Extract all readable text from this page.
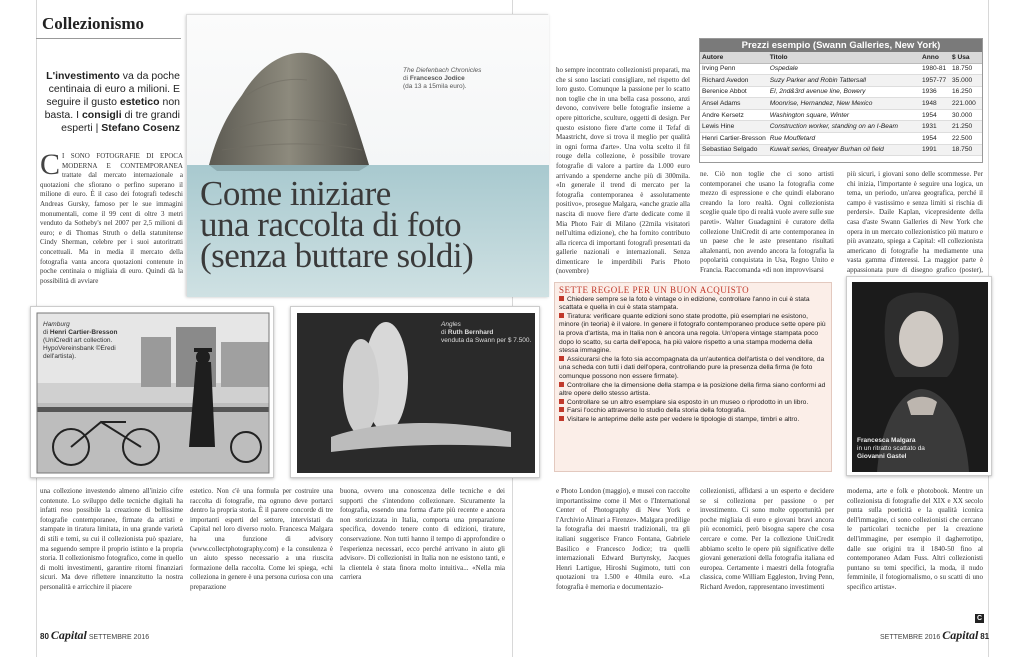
Collezionismo
L'investimento va da poche centinaia di euro a milioni. E seguire il gusto estetico non basta. I consigli di tre grandi esperti | Stefano Cosenz
C I SONO FOTOGRAFIE DI EPOCA MODERNA E CONTEMPORANEA trattate dal mercato internazionale a quotazioni che sfiorano o perfino superano il milione di euro. È il caso dei fotografi tedeschi Andreas Gursky, famoso per le sue immagini monumentali, come il 99 cent di oltre 3 metri venduto da Sotheby's nel 2007 per 2,5 milioni di euro; e di Thomas Struth o della statunitense Cindy Sherman, celebre per i suoi autoritratti concettuali. Ma in media il mercato della fotografia vanta ancora quotazioni contenute in poche centinaia o migliaia di euro. Quindi dà la possibilità di avviare
The Diefenbach Chronicles
di Francesco Jodice
(da 13 a 15mila euro).
Come iniziare
una raccolta di foto
(senza buttare soldi)
ho sempre incontrato collezionisti preparati, ma che si sono lasciati consigliare, nel rispetto del loro gusto. Comunque la passione per lo scatto non toglie che in una bella casa possono, anzi devono, convivere belle fotografie insieme a opere pittoriche, sculture, oggetti di design. Per questo esistono fiere d'arte come il Tefaf di Maastricht, dove si trova il meglio per qualità in ogni forma d'arte». Una volta scelto il fil rouge della collezione, è possibile trovare fotografie di valore a partire da 1.000 euro arrivando a spenderne anche più di 300mila. «In generale il trend di mercato per la fotografia contemporanea è assolutamente positivo», prosegue Malgara, «anche grazie alla nascita di nuove fiere d'arte dedicate come il Mia Photo Fair di Milano (22mila visitatori nell'ultima edizione), che ha fornito contributo alla ricerca di importanti fotografi presentati da gallerie nazionali e internazionali. Senza dimenticare le imperdibili Paris Photo (novembre)
Prezzi esempio (Swann Galleries, New York)
Autore	Titolo	Anno	$ Usa
Irving Penn	Ospedale	1980-81	18.750
Richard Avedon	Suzy Parker and Robin Tattersall	1957-77	35.000
Berenice Abbot	El, 2nd&3rd avenue line, Bowery	1936	16.250
Ansel Adams	Moonrise, Hernandez, New Mexico	1948	221.000
Andre Kersetz	Washington square, Winter	1954	30.000
Lewis Hine	Construction worker, standing on an I-Beam	1931	21.250
Henri Cartier-Bresson	Rue Mouffetard	1954	22.500
Sebastiao Selgado	Kuwait series, Greatyer Burhan oil field	1991	18.750
ne. Ciò non toglie che ci sono artisti contemporanei che usano la fotografia come mezzo di espressione e che quindi elaborano creando la loro realtà. Ogni collezionista sceglie quale tipo di realtà vuole avere sulle sue pareti». Walter Guadagnini è curatore della collezione UniCredit di arte contemporanea in un paese che le aste presentano risultati altalenanti, non avendo ancora la fotografia la popolarità conquistata in Usa, Regno Unito e Francia. Raccomanda «di non improvvisarsi
più sicuri, i giovani sono delle scommesse. Per chi inizia, l'importante è seguire una logica, un tema, un periodo, un'area geografica, perché il campo è vastissimo e senza limiti si rischia di perdersi». Daile Kaplan, vicepresidente della casa d'aste Swann Galleries di New York che opera in un mercato collezionistico più maturo e più avanzato, spiega a Capital: «Il collezionista americano di fotografie ha mediamente una vasta gamma d'interessi. La maggior parte è appassionata pure di disegno grafico (poster),
Hamburg
di Henri Cartier-Bresson
(UniCredit art collection. HypoVereinsbank ©Eredi dell'artista).
Angles
di Ruth Bernhard
venduta da Swann per $ 7.500.
SETTE REGOLE PER UN BUON ACQUISTO
Chiedere sempre se la foto è vintage o in edizione, controllare l'anno in cui è stata scattata e quella in cui è stata stampata.
Tiratura: verificare quante edizioni sono state prodotte, più esemplari ne esistono, minore (in teoria) è il valore. In genere il fotografo contemporaneo produce sette opere più la prova d'artista, ma in Italia non è ancora una regola. Un'opera vintage stampata poco dopo lo scatto, su carta dell'epoca, ha più valore rispetto a una stampa moderna della stessa immagine.
Assicurarsi che la foto sia accompagnata da un'autentica dell'artista o del venditore, da una scheda con tutti i dati dell'opera, controllando pure la presenza della firma (le foto comunque possono non essere firmate).
Controllare che la dimensione della stampa e la posizione della firma siano conformi ad altre opere dello stesso artista.
Controllare se un altro esemplare sia esposto in un museo o riprodotto in un libro.
Farsi l'occhio attraverso lo studio della storia della fotografia.
Visitare le anteprime delle aste per vedere le tipologie di stampe, timbri e altro.
Francesca Malgara
in un ritratto scattato da Giovanni Gastel
una collezione investendo almeno all'inizio cifre contenute. Lo sviluppo delle tecniche digitali ha infatti reso possibile la creazione di bellissime fotografie contemporanee, firmate da artisti e stampate in tiratura limitata, in una grande varietà di stili e temi, su cui il collezionista può spaziare, ma seguendo sempre il proprio istinto e la propria storia. Il collezionismo fotografico, come in quello di molti investimenti, garantire ritorni finanziari sicuri. Ma deve riflettere innanzitutto la nostra personalità e arricchire il piacere
estetico. Non c'è una formula per costruire una raccolta di fotografie, ma ognuno deve portarci dentro la propria storia. È il parere concorde di tre importanti esperti del settore, intervistati da Capital nel loro diverso ruolo. Francesca Malgara ha una funzione di advisory (www.collectphotography.com) e la consulenza è un aiuto spesso necessario a una riuscita formazione della raccolta. Come lei spiega, «chi colleziona in genere è una persona curiosa con una preparazione
buona, ovvero una conoscenza delle tecniche e dei supporti che s'intendono collezionare. Sicuramente la fotografia, essendo una forma d'arte più recente e ancora non storicizzata in Italia, comporta una preparazione specifica, dovendo tenere conto di edizioni, tirature, conservazione. Non tutti hanno il tempo di approfondire o l'esperienza necessari, ecco perché arrivano in aiuto gli advisor». Di collezionisti in Italia non ne esistono tanti, e la clientela è stata finora molto intuitiva... «Nella mia carriera
e Photo London (maggio), e musei con raccolte importantissime come il Met o l'International Center of Photography di New York e l'Archivio Alinari a Firenze». Malgara predilige la fotografia dei maestri tradizionali, tra gli italiani suggerisce Franco Fontana, Gabriele Basilico e Francesco Jodice; tra quelli internazionali Edward Burtynsky, Jacques Henri Lartigue, Hiroshi Sugimoto, tutti con quotazioni tra 1.500 e 40mila euro. «La fotografia è memoria e documentazio-
collezionisti, affidarsi a un esperto e decidere se si colleziona per passione o per investimento. Ci sono molte opportunità per poche migliaia di euro e giovani bravi ancora più economici, però bisogna sapere che cosa cercare e come. Per la collezione UniCredit abbiamo scelto le opere più significative delle giovani generazioni della fotografia italiana ed europea. Certamente i maestri della fotografia classica, come William Eggleston, Irving Penn, Richard Avedon, rappresentano investimenti
moderna, arte e folk e photobook. Mentre un collezionista di fotografie del XIX e XX secolo punta sulla poeticità e la qualità iconica dell'immagine, ci sono collezionisti che cercano le particolari tecniche per la creazione dell'immagine, per esempio il dagherrotipo, dalle sue origini tra il 1840-50 fino al contemporaneo Adam Fuss. Altri collezionisti puntano su temi specifici, la moda, il nudo femminile, il fotogiornalismo, o su scatti di uno specifico artista».
C
80 Capital SETTEMBRE 2016	SETTEMBRE 2016 Capital 81
